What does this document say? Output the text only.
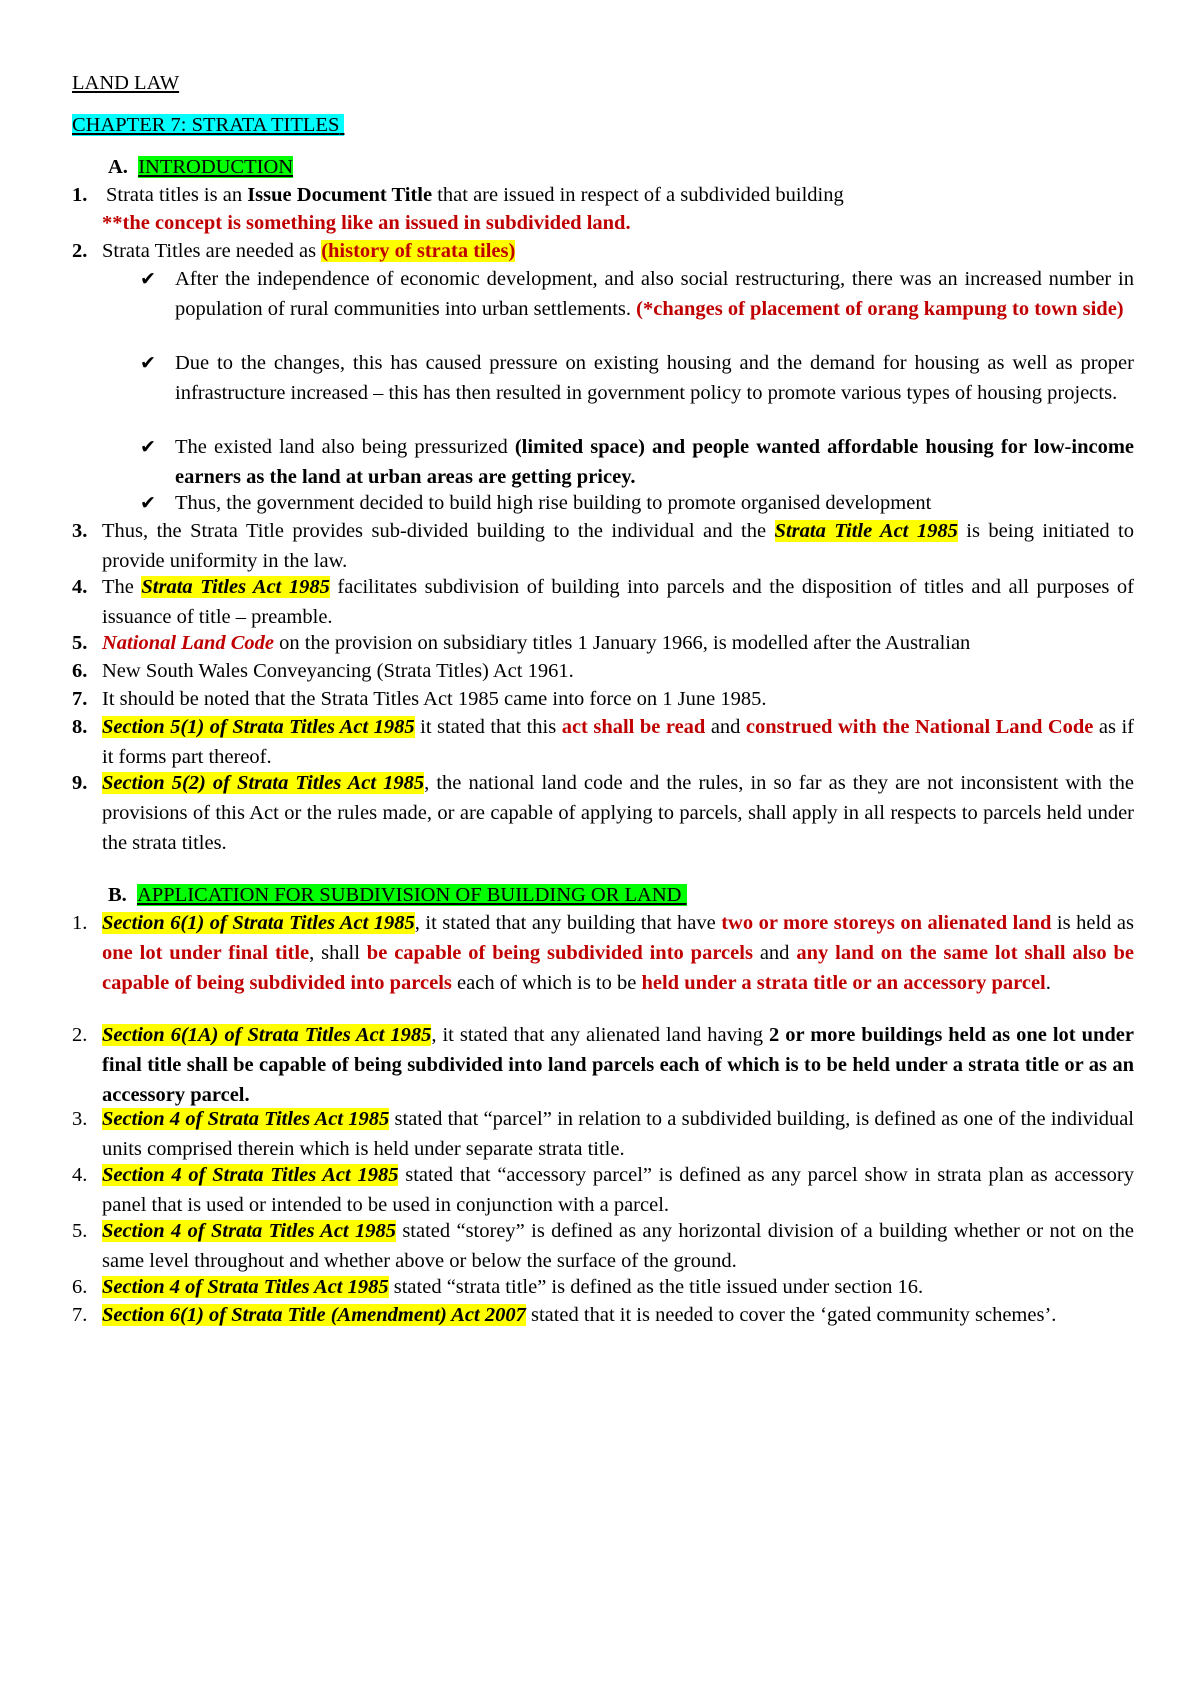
LAND LAW
CHAPTER 7: STRATA TITLES
A. INTRODUCTION
1. Strata titles is an Issue Document Title that are issued in respect of a subdivided building

**the concept is something like an issued in subdivided land.

2. Strata Titles are needed as (history of strata tiles)

✔ After the independence of economic development, and also social restructuring, there was an increased number in population of rural communities into urban settlements. (*changes of placement of orang kampung to town side)

✔ Due to the changes, this has caused pressure on existing housing and the demand for housing as well as proper infrastructure increased – this has then resulted in government policy to promote various types of housing projects.

✔ The existed land also being pressurized (limited space) and people wanted affordable housing for low-income earners as the land at urban areas are getting pricey.

✔ Thus, the government decided to build high rise building to promote organised development

3. Thus, the Strata Title provides sub-divided building to the individual and the Strata Title Act 1985 is being initiated to provide uniformity in the law.

4. The Strata Titles Act 1985 facilitates subdivision of building into parcels and the disposition of titles and all purposes of issuance of title – preamble.

5. National Land Code on the provision on subsidiary titles 1 January 1966, is modelled after the Australian

6. New South Wales Conveyancing (Strata Titles) Act 1961.

7. It should be noted that the Strata Titles Act 1985 came into force on 1 June 1985.

8. Section 5(1) of Strata Titles Act 1985 it stated that this act shall be read and construed with the National Land Code as if it forms part thereof.

9. Section 5(2) of Strata Titles Act 1985, the national land code and the rules, in so far as they are not inconsistent with the provisions of this Act or the rules made, or are capable of applying to parcels, shall apply in all respects to parcels held under the strata titles.

B. APPLICATION FOR SUBDIVISION OF BUILDING OR LAND
1. Section 6(1) of Strata Titles Act 1985, it stated that any building that have two or more storeys on alienated land is held as one lot under final title, shall be capable of being subdivided into parcels and any land on the same lot shall also be capable of being subdivided into parcels each of which is to be held under a strata title or an accessory parcel.

2. Section 6(1A) of Strata Titles Act 1985, it stated that any alienated land having 2 or more buildings held as one lot under final title shall be capable of being subdivided into land parcels each of which is to be held under a strata title or as an accessory parcel.

3. Section 4 of Strata Titles Act 1985 stated that “parcel” in relation to a subdivided building, is defined as one of the individual units comprised therein which is held under separate strata title.

4. Section 4 of Strata Titles Act 1985 stated that “accessory parcel” is defined as any parcel show in strata plan as accessory panel that is used or intended to be used in conjunction with a parcel.

5. Section 4 of Strata Titles Act 1985 stated “storey” is defined as any horizontal division of a building whether or not on the same level throughout and whether above or below the surface of the ground.

6. Section 4 of Strata Titles Act 1985 stated “strata title” is defined as the title issued under section 16.

7. Section 6(1) of Strata Title (Amendment) Act 2007 stated that it is needed to cover the ‘gated community schemes’.
